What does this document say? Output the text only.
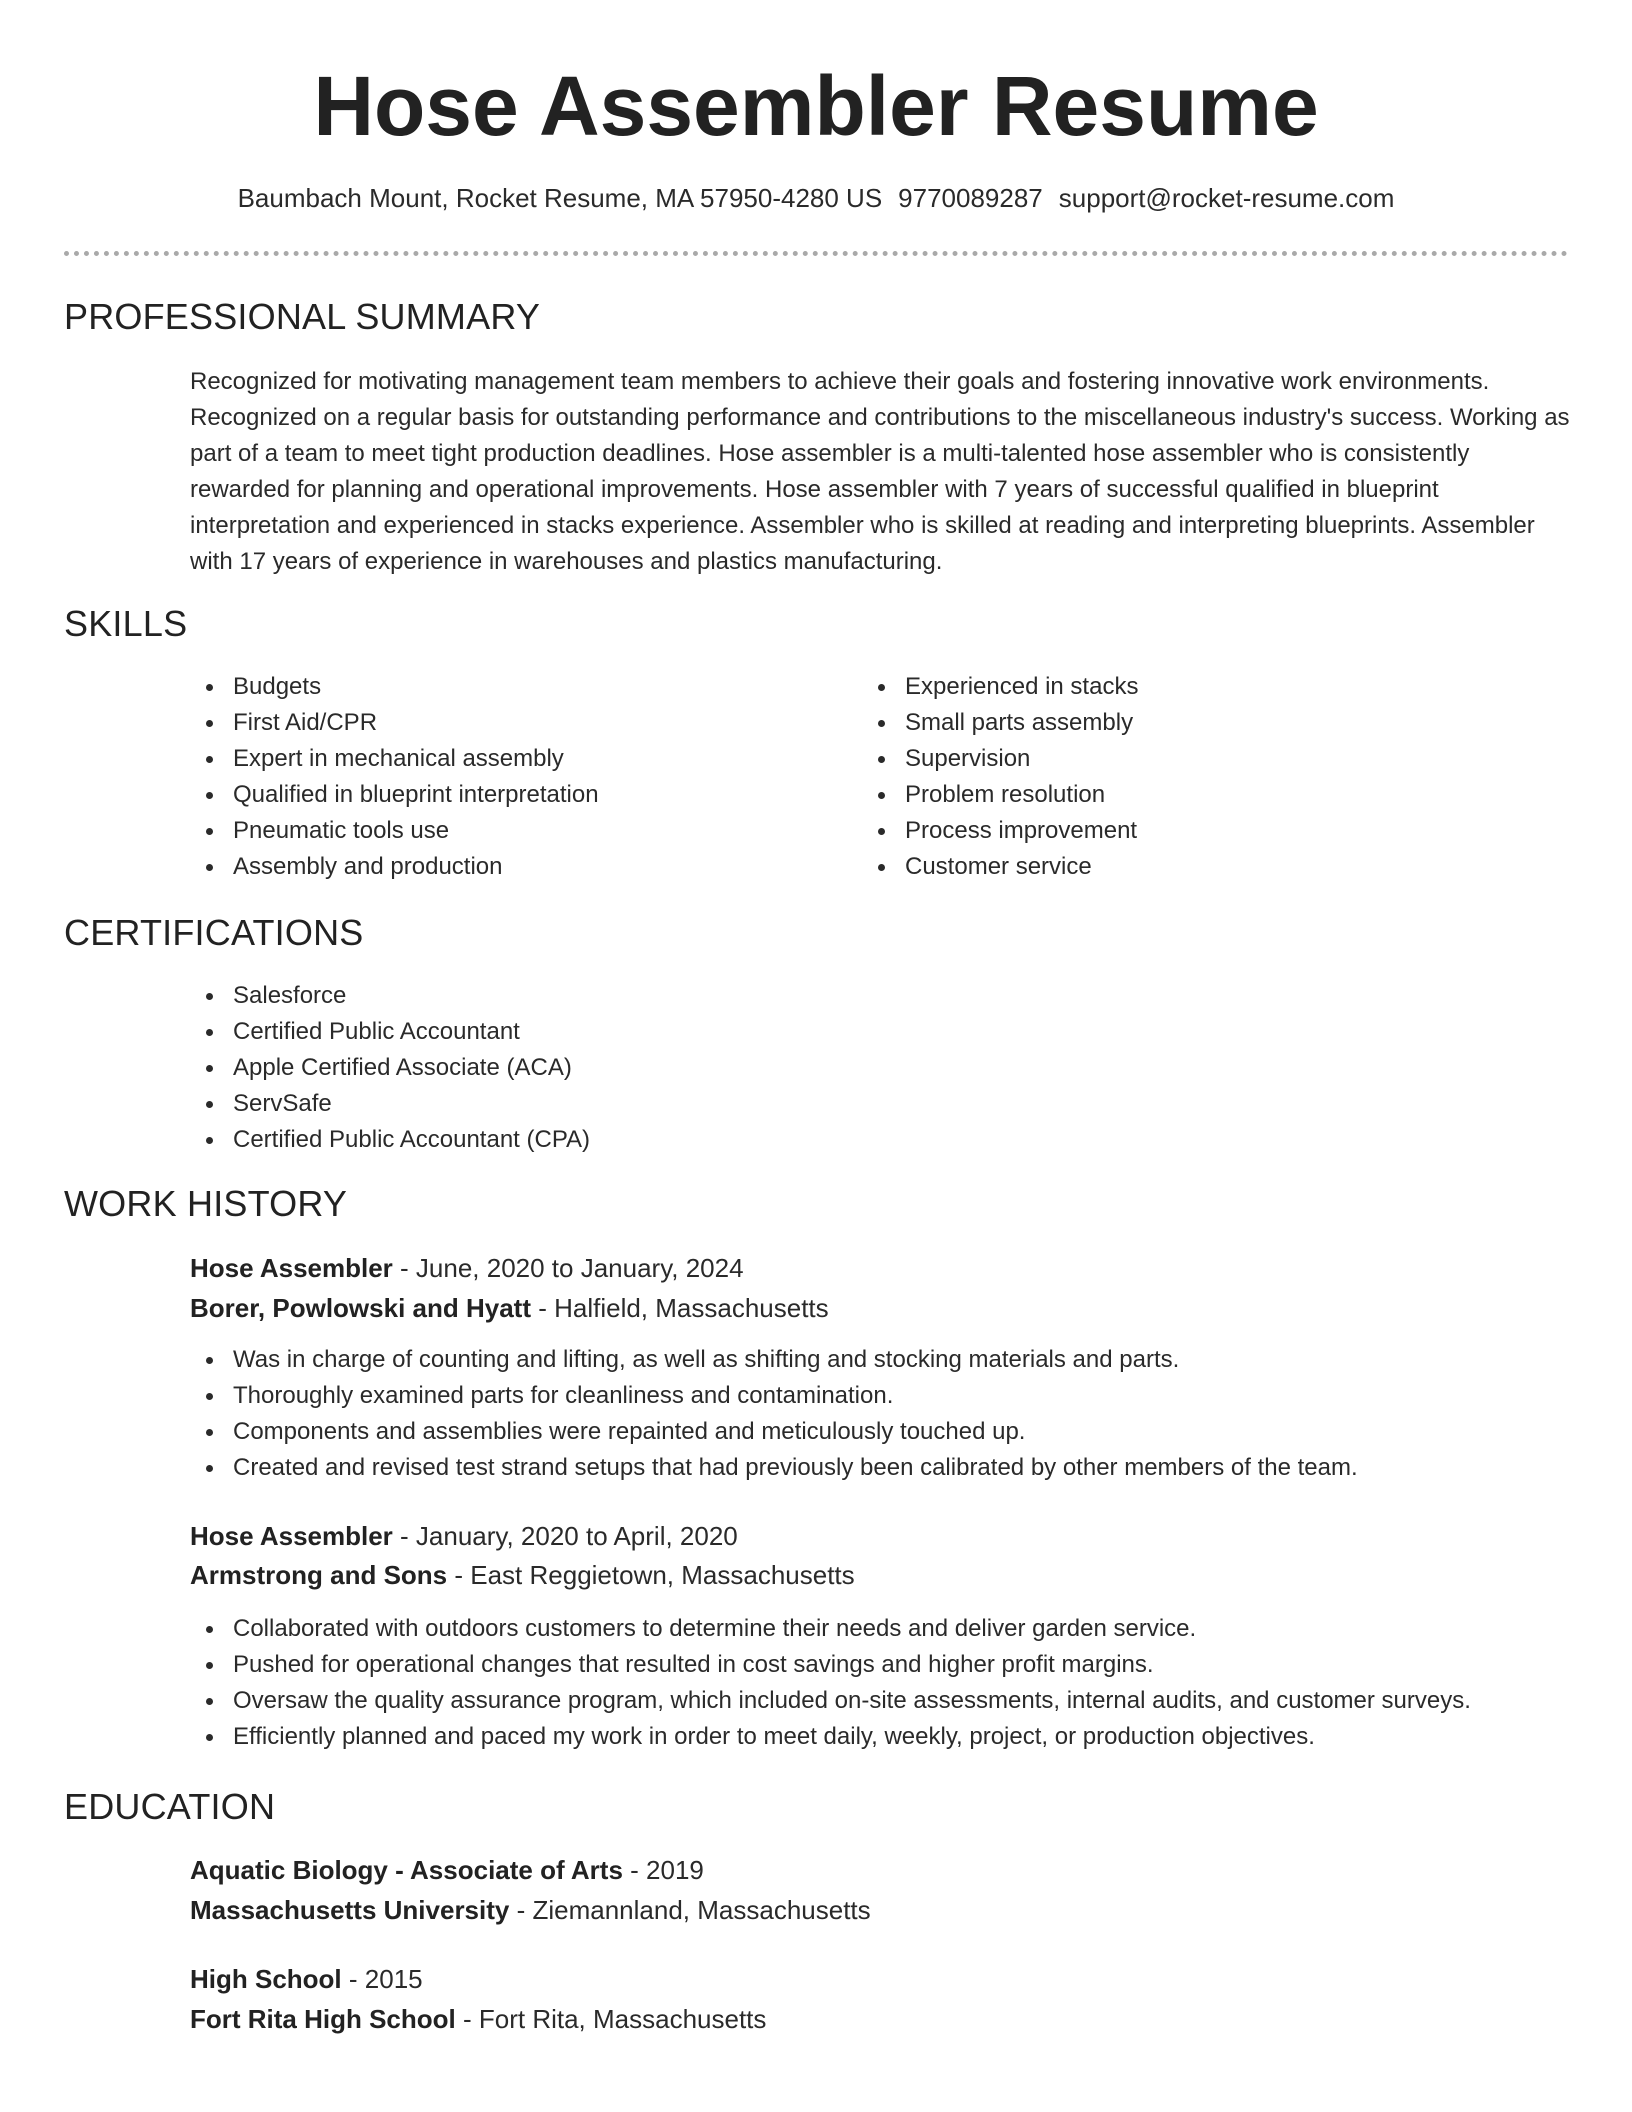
Hose Assembler Resume
Baumbach Mount, Rocket Resume, MA 57950-4280 US 9770089287 support@rocket-resume.com
PROFESSIONAL SUMMARY

Recognized for motivating management team members to achieve their goals and fostering innovative work environments. Recognized on a regular basis for outstanding performance and contributions to the miscellaneous industry's success. Working as part of a team to meet tight production deadlines. Hose assembler is a multi-talented hose assembler who is consistently rewarded for planning and operational improvements. Hose assembler with 7 years of successful qualified in blueprint interpretation and experienced in stacks experience. Assembler who is skilled at reading and interpreting blueprints. Assembler with 17 years of experience in warehouses and plastics manufacturing.

SKILLS
Budgets
First Aid/CPR
Expert in mechanical assembly
Qualified in blueprint interpretation
Pneumatic tools use
Assembly and production
Experienced in stacks
Small parts assembly
Supervision
Problem resolution
Process improvement
Customer service
CERTIFICATIONS
Salesforce
Certified Public Accountant
Apple Certified Associate (ACA)
ServSafe
Certified Public Accountant (CPA)
WORK HISTORY
Hose Assembler - June, 2020 to January, 2024
Borer, Powlowski and Hyatt - Halfield, Massachusetts
Was in charge of counting and lifting, as well as shifting and stocking materials and parts.
Thoroughly examined parts for cleanliness and contamination.
Components and assemblies were repainted and meticulously touched up.
Created and revised test strand setups that had previously been calibrated by other members of the team.
Hose Assembler - January, 2020 to April, 2020
Armstrong and Sons - East Reggietown, Massachusetts
Collaborated with outdoors customers to determine their needs and deliver garden service.
Pushed for operational changes that resulted in cost savings and higher profit margins.
Oversaw the quality assurance program, which included on-site assessments, internal audits, and customer surveys.
Efficiently planned and paced my work in order to meet daily, weekly, project, or production objectives.
EDUCATION
Aquatic Biology - Associate of Arts - 2019
Massachusetts University - Ziemannland, Massachusetts
High School - 2015
Fort Rita High School - Fort Rita, Massachusetts
